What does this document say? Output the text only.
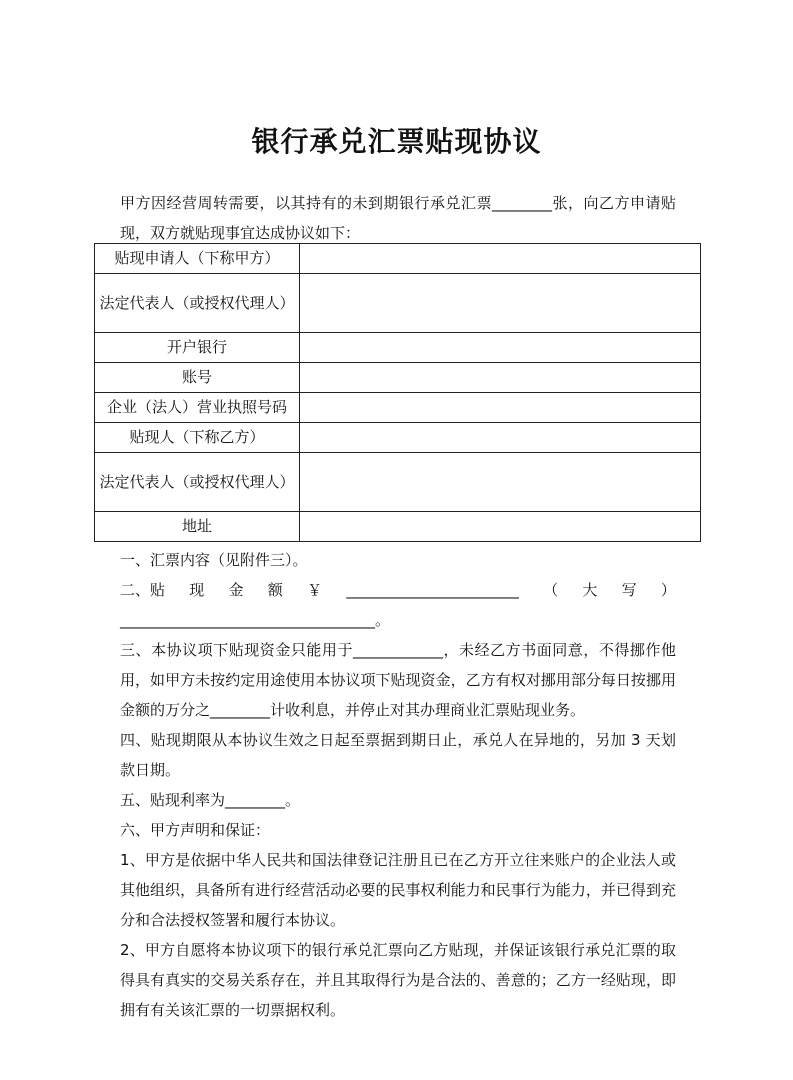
银行承兑汇票贴现协议

甲方因经营周转需要，以其持有的未到期银行承兑汇票________张，向乙方申请贴现，双方就贴现事宜达成协议如下：

贴现申请人（下称甲方）	
法定代表人（或授权代理人）	
开户银行	
账号	
企业（法人）营业执照号码	
贴现人（下称乙方）	
法定代表人（或授权代理人）	
地址	

一、汇票内容（见附件三）。

二、贴 现 金 额 ￥ _______________________ （ 大 写 ）

__________________________________。

三、本协议项下贴现资金只能用于____________，未经乙方书面同意，不得挪作他用，如甲方未按约定用途使用本协议项下贴现资金，乙方有权对挪用部分每日按挪用金额的万分之________计收利息，并停止对其办理商业汇票贴现业务。

四、贴现期限从本协议生效之日起至票据到期日止，承兑人在异地的，另加 3 天划款日期。

五、贴现利率为________。

六、甲方声明和保证：

1、甲方是依据中华人民共和国法律登记注册且已在乙方开立往来账户的企业法人或其他组织，具备所有进行经营活动必要的民事权利能力和民事行为能力，并已得到充分和合法授权签署和履行本协议。

2、甲方自愿将本协议项下的银行承兑汇票向乙方贴现，并保证该银行承兑汇票的取得具有真实的交易关系存在，并且其取得行为是合法的、善意的；乙方一经贴现，即拥有有关该汇票的一切票据权利。
